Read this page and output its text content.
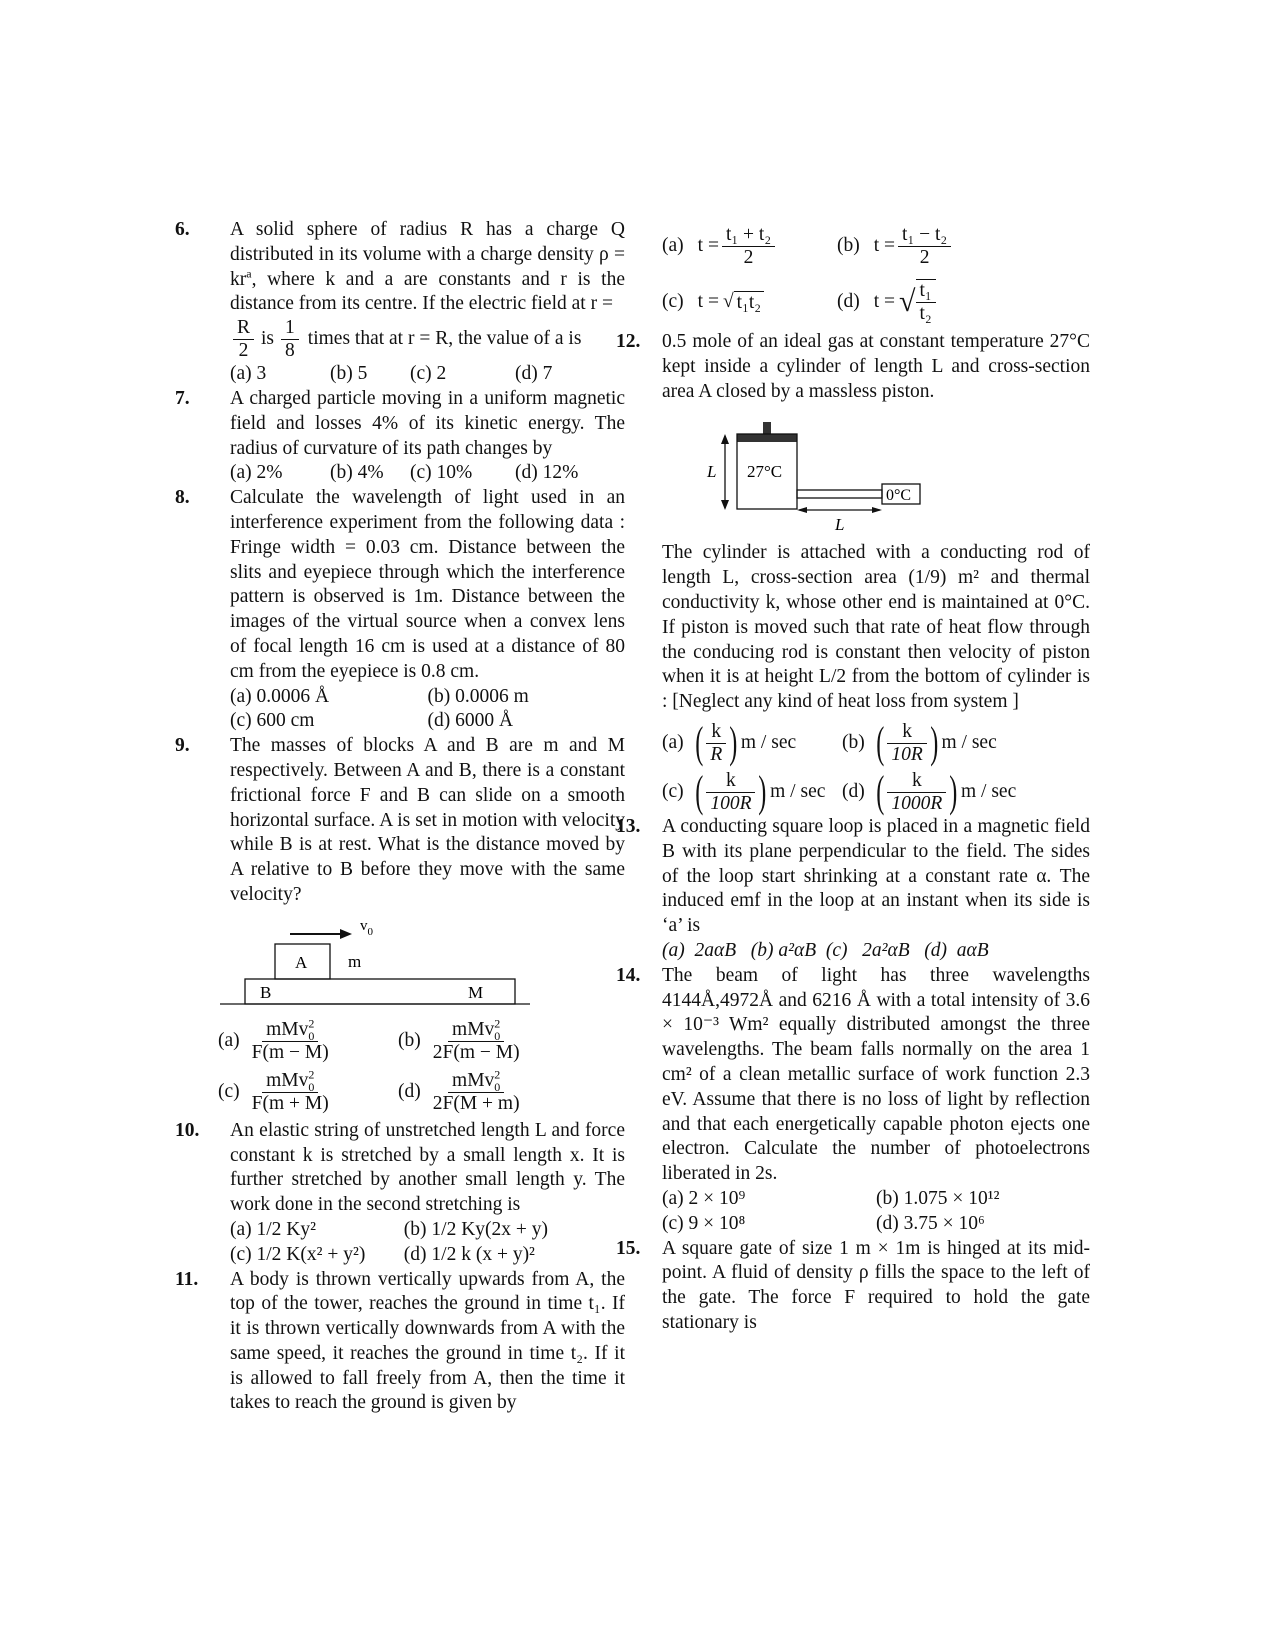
6. A solid sphere of radius R has a charge Q distributed in its volume with a charge density $\rho = kr^a$, where k and a are constants and r is the distance from its centre. If the electric field at r =
$\frac{R}{2}$ is $\frac{1}{8}$ times that at r = R, the value of a is
(a) 3	(b) 5	(c) 2	(d) 7
7. A charged particle moving in a uniform magnetic field and losses 4% of its kinetic energy. The radius of curvature of its path changes by
(a) 2%	(b) 4%	(c) 10%	(d) 12%
8. Calculate the wavelength of light used in an interference experiment from the following data : Fringe width = 0.03 cm. Distance between the slits and eyepiece through which the interference pattern is observed is 1m. Distance between the images of the virtual source when a convex lens of focal length 16 cm is used at a distance of 80 cm from the eyepiece is 0.8 cm.
(a) 0.0006 Å	(b) 0.0006 m
(c) 600 cm	(d) 6000 Å
9. The masses of blocks A and B are m and M respectively. Between A and B, there is a constant frictional force F and B can slide on a smooth horizontal surface. A is set in motion with velocity while B is at rest. What is the distance moved by A relative to B before they move with the same velocity?
$v_0$
A m
B	M
$(a) \frac{mMv^2_0}{F(m - M)}$	$(b) \frac{mMv^2_0}{2F(m - M)}$
$(c) \frac{mMv^2_0}{F(m + M)}$	$(d) \frac{mMv^2_0}{2F(M + m)}$
10. An elastic string of unstretched length L and force constant k is stretched by a small length x. It is further stretched by another small length y. The work done in the second stretching is
(a) 1/2 Ky²	(b) 1/2 Ky(2x + y)
(c) 1/2 K(x² + y²)	(d) 1/2 k (x + y)²
11. A body is thrown vertically upwards from A, the top of the tower, reaches the ground in time t₁. If it is thrown vertically downwards from A with the same speed, it reaches the ground in time t₂. If it is allowed to fall freely from A, then the time it takes to reach the ground is given by
(a) $t = \frac{\text{t₁ + t₂}}{2}$	(b) $t = \frac{\text{t₁ − t₂}}{2}$
(c) t = √ t₁t₂	(d) t = √ $\frac{\text{t₁}}{\text{t₂}}$
12. 0.5 mole of an ideal gas at constant temperature 27°C kept inside a cylinder of length L and cross-section area A closed by a massless piston.
L 27°C
0°C
L
The cylinder is attached with a conducting rod of length L, cross-section area (1/9) m² and thermal conductivity k, whose other end is maintained at 0°C. If piston is moved such that rate of heat flow through the conducing rod is constant then velocity of piston when it is at height L/2 from the bottom of cylinder is : [Neglect any kind of heat loss from system ]
(a) ( $\frac{k}{R}$ ) m / sec (b) ( $\frac{k}{10R}$ ) m / sec
(c) ( $\frac{k}{100R}$ ) m / sec (d) ( $\frac{k}{1000R}$ ) m / sec
13. A conducting square loop is placed in a magnetic field B with its plane perpendicular to the field. The sides of the loop start shrinking at a constant rate α. The induced emf in the loop at an instant when its side is ‘a’ is
(a)  2aαB   (b) a²αB  (c)   2a²αB   (d)  aαB
14. The beam of light has three wavelengths 4144Å,4972Å and 6216 Å with a total intensity of 3.6 × 10⁻³ Wm² equally distributed amongst the three wavelengths. The beam falls normally on the area 1 cm² of a clean metallic surface of work function 2.3 eV. Assume that there is no loss of light by reflection and that each energetically capable photon ejects one electron. Calculate the number of photoelectrons liberated in 2s.
(a) 2 × 10⁹	(b) 1.075 × 10¹²
(c) 9 × 10⁸	(d) 3.75 × 10⁶
15. A square gate of size 1 m × 1m is hinged at its mid-point. A fluid of density ρ fills the space to the left of the gate. The force F required to hold the gate stationary is
